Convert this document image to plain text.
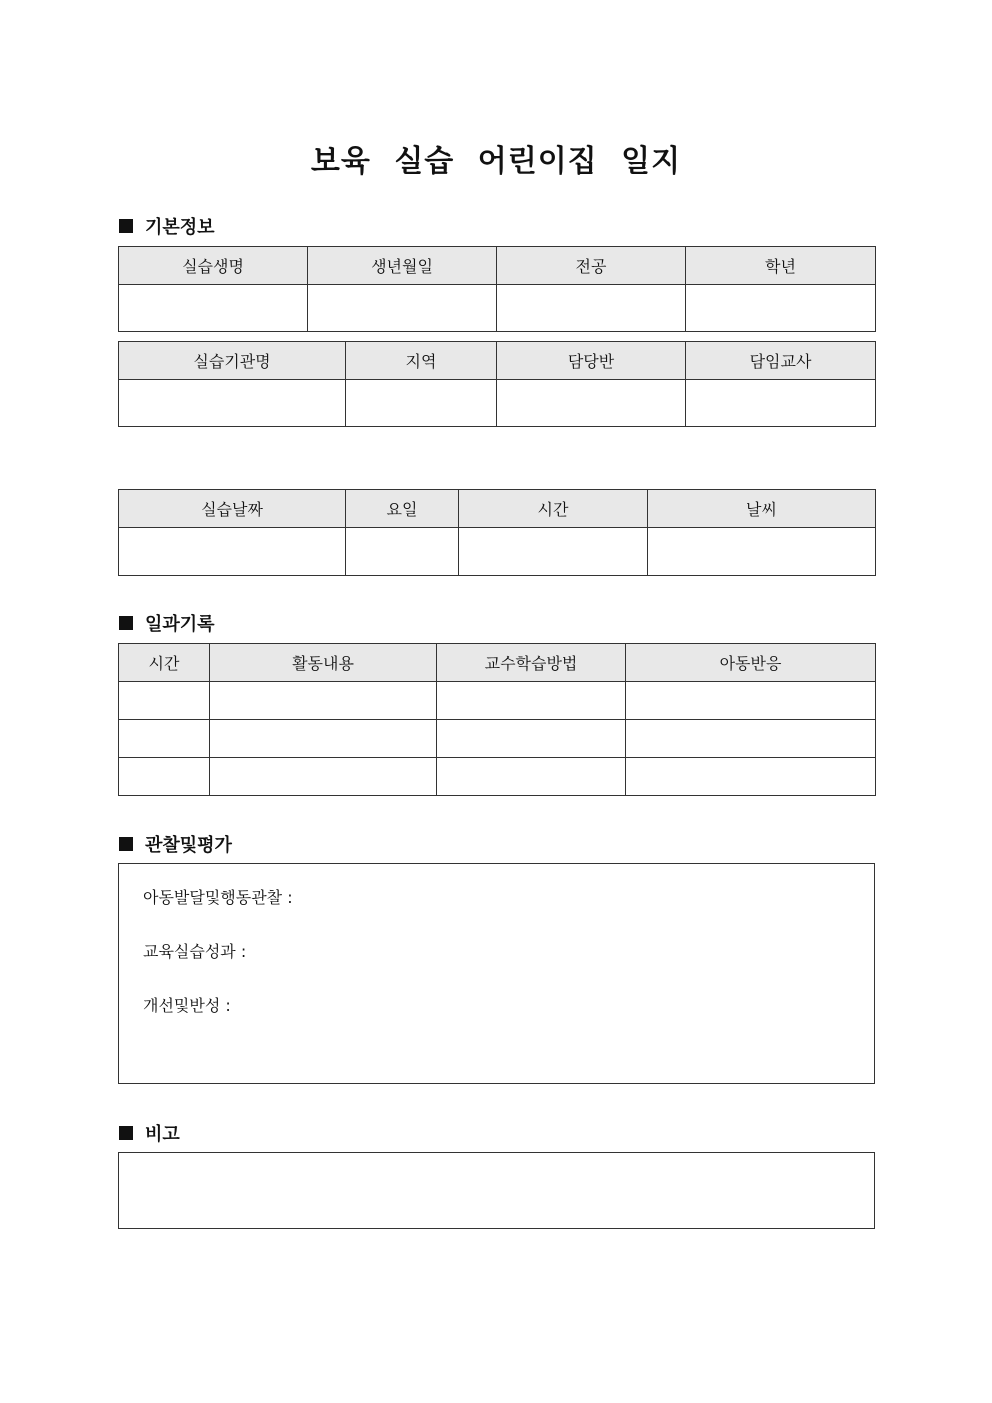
보육 실습 어린이집 일지
기본정보
실습생명	생년월일	전공	학년

실습기관명	지역	담당반	담임교사

실습날짜	요일	시간	날씨

일과기록
시간	활동내용	교수학습방법	아동반응

관찰및평가
아동발달및행동관찰 :
교육실습성과 :
개선및반성 :
비고
